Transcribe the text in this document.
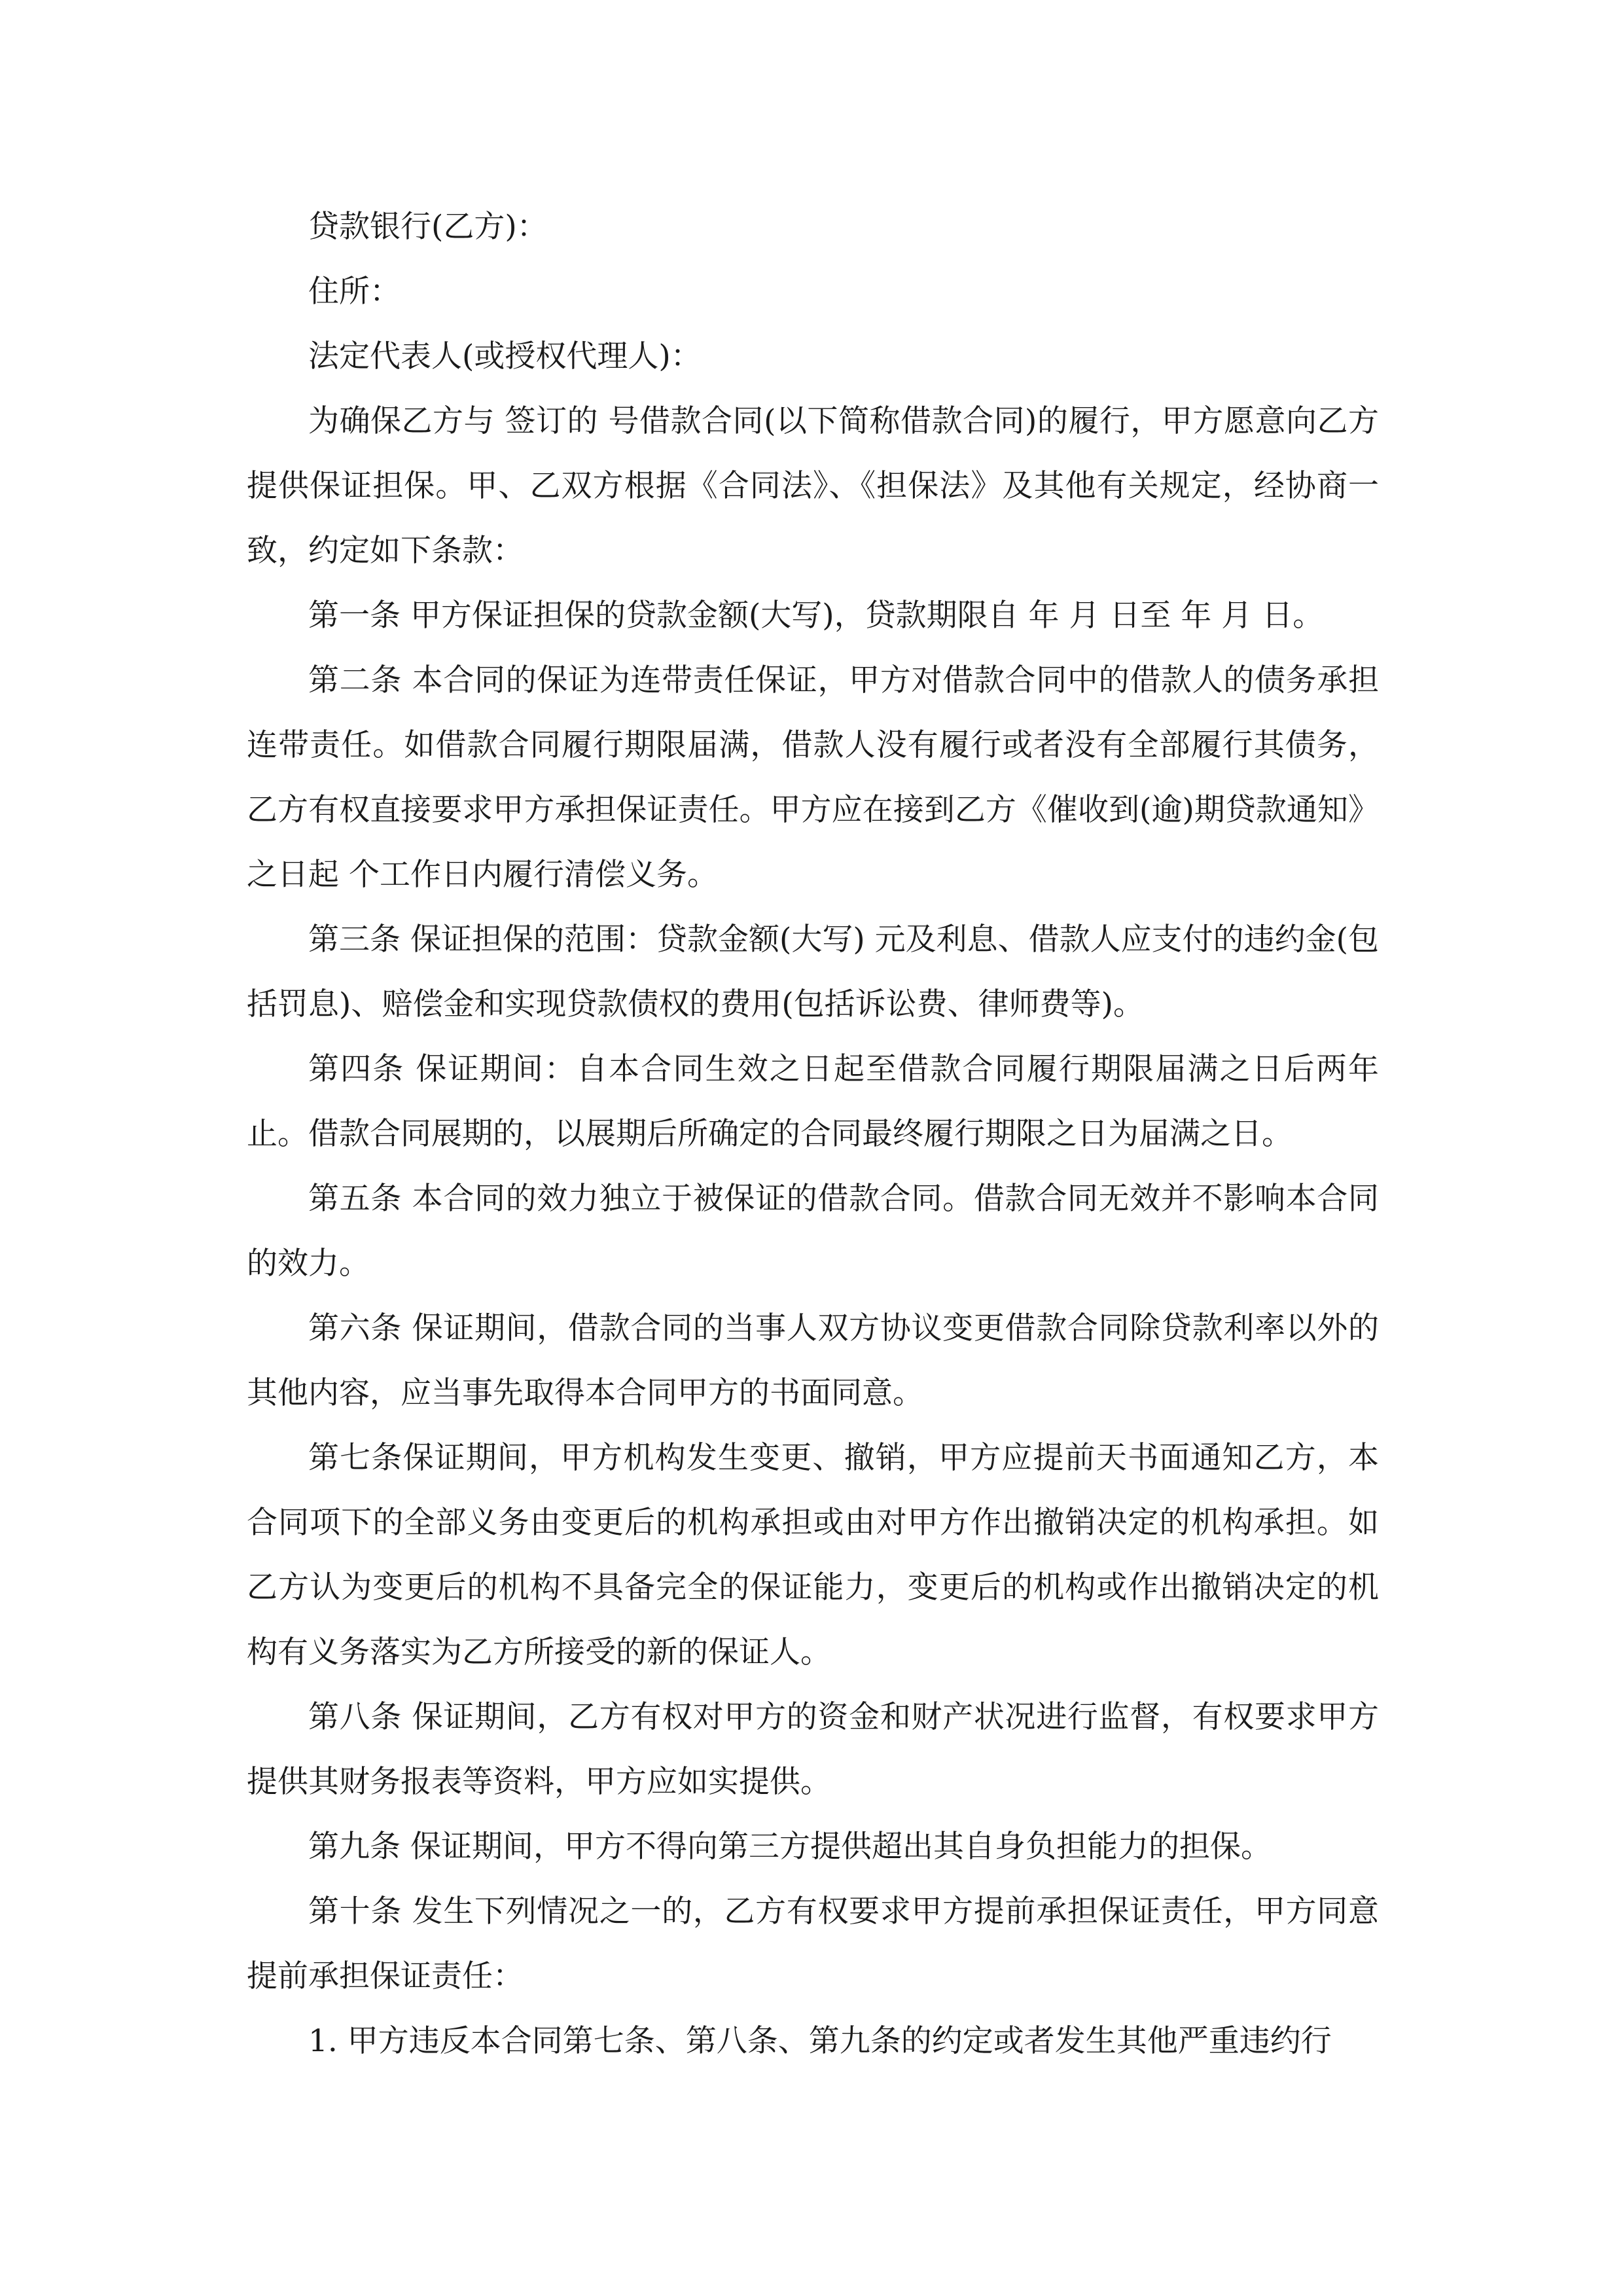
贷款银行(乙方)：

住所：

法定代表人(或授权代理人)：

为确保乙方与 签订的 号借款合同(以下简称借款合同)的履行，甲方愿意向乙方提供保证担保。甲、乙双方根据《合同法》、《担保法》及其他有关规定，经协商一致，约定如下条款：

第一条 甲方保证担保的贷款金额(大写)，贷款期限自 年 月 日至 年 月 日。

第二条 本合同的保证为连带责任保证，甲方对借款合同中的借款人的债务承担连带责任。如借款合同履行期限届满，借款人没有履行或者没有全部履行其债务，乙方有权直接要求甲方承担保证责任。甲方应在接到乙方《催收到(逾)期贷款通知》之日起 个工作日内履行清偿义务。

第三条 保证担保的范围：贷款金额(大写) 元及利息、借款人应支付的违约金(包括罚息)、赔偿金和实现贷款债权的费用(包括诉讼费、律师费等)。

第四条 保证期间：自本合同生效之日起至借款合同履行期限届满之日后两年止。借款合同展期的，以展期后所确定的合同最终履行期限之日为届满之日。

第五条 本合同的效力独立于被保证的借款合同。借款合同无效并不影响本合同的效力。

第六条 保证期间，借款合同的当事人双方协议变更借款合同除贷款利率以外的其他内容，应当事先取得本合同甲方的书面同意。

第七条保证期间，甲方机构发生变更、撤销，甲方应提前天书面通知乙方，本合同项下的全部义务由变更后的机构承担或由对甲方作出撤销决定的机构承担。如乙方认为变更后的机构不具备完全的保证能力，变更后的机构或作出撤销决定的机构有义务落实为乙方所接受的新的保证人。

第八条 保证期间，乙方有权对甲方的资金和财产状况进行监督，有权要求甲方提供其财务报表等资料，甲方应如实提供。

第九条 保证期间，甲方不得向第三方提供超出其自身负担能力的担保。

第十条 发生下列情况之一的，乙方有权要求甲方提前承担保证责任，甲方同意提前承担保证责任：

1. 甲方违反本合同第七条、第八条、第九条的约定或者发生其他严重违约行
